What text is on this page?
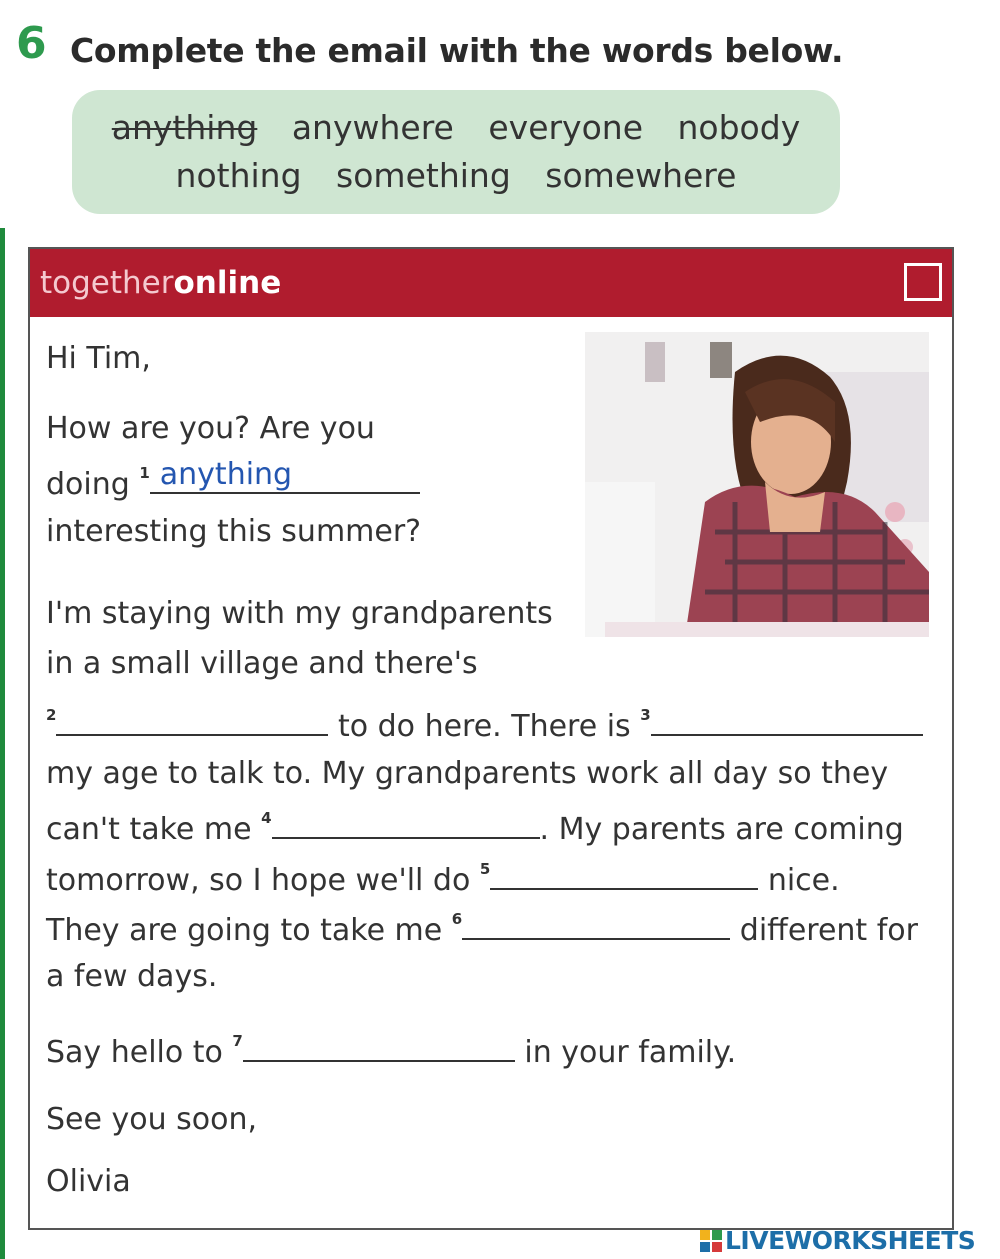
6 Complete the email with the words below.
anything anywhere everyone nobody
nothing something somewhere
togetheronline
Hi Tim,
How are you? Are you
doing $^1$ anything
interesting this summer?
I'm staying with my grandparents
in a small village and there's
$^2$	to do here. There is $^3$
my age to talk to. My grandparents work all day so they
can't take me $^4$	. My parents are coming
tomorrow, so I hope we'll do $^5$	nice.
They are going to take me $^6$	different for
a few days.
Say hello to $^7$	in your family.
See you soon,
Olivia
LIVEWORKSHEETS
